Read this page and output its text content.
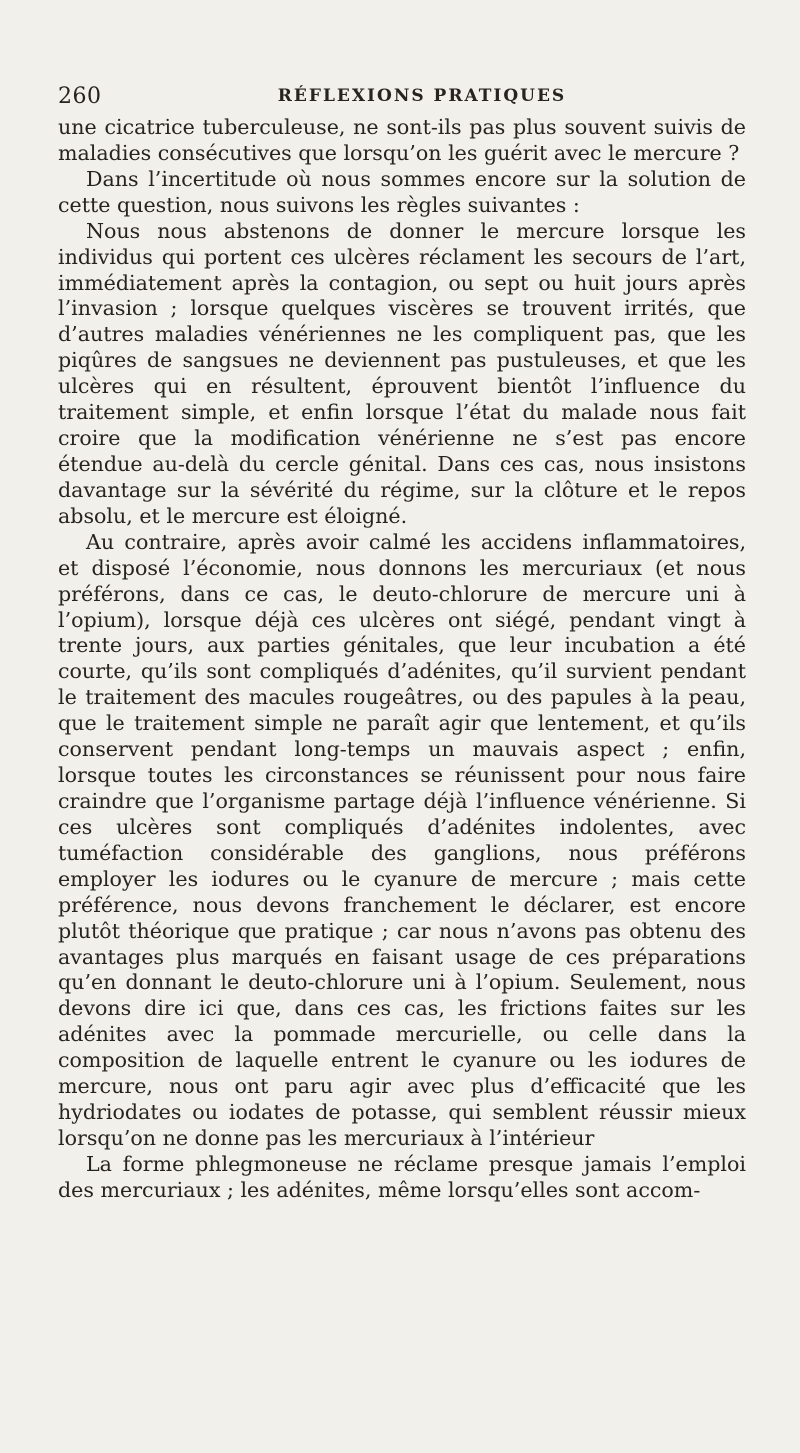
260	RÉFLEXIONS PRATIQUES

une cicatrice tuberculeuse, ne sont-ils pas plus souvent suivis de maladies consécutives que lorsqu’on les guérit avec le mercure ?

Dans l’incertitude où nous sommes encore sur la solution de cette question, nous suivons les règles suivantes :

Nous nous abstenons de donner le mercure lorsque les individus qui portent ces ulcères réclament les secours de l’art, immédiatement après la contagion, ou sept ou huit jours après l’invasion ; lorsque quelques viscères se trouvent irrités, que d’autres maladies vénériennes ne les compliquent pas, que les piqûres de sangsues ne deviennent pas pustuleuses, et que les ulcères qui en résultent, éprouvent bientôt l’influence du traitement simple, et enfin lorsque l’état du malade nous fait croire que la modification vénérienne ne s’est pas encore étendue au-delà du cercle génital. Dans ces cas, nous insistons davantage sur la sévérité du régime, sur la clôture et le repos absolu, et le mercure est éloigné.

Au contraire, après avoir calmé les accidens inflammatoires, et disposé l’économie, nous donnons les mercuriaux (et nous préférons, dans ce cas, le deuto-chlorure de mercure uni à l’opium), lorsque déjà ces ulcères ont siégé, pendant vingt à trente jours, aux parties génitales, que leur incubation a été courte, qu’ils sont compliqués d’adénites, qu’il survient pendant le traitement des macules rougeâtres, ou des papules à la peau, que le traitement simple ne paraît agir que lentement, et qu’ils conservent pendant long-temps un mauvais aspect ; enfin, lorsque toutes les circonstances se réunissent pour nous faire craindre que l’organisme partage déjà l’influence vénérienne. Si ces ulcères sont compliqués d’adénites indolentes, avec tuméfaction considérable des ganglions, nous préférons employer les iodures ou le cyanure de mercure ; mais cette préférence, nous devons franchement le déclarer, est encore plutôt théorique que pratique ; car nous n’avons pas obtenu des avantages plus marqués en faisant usage de ces préparations qu’en donnant le deuto-chlorure uni à l’opium. Seulement, nous devons dire ici que, dans ces cas, les frictions faites sur les adénites avec la pommade mercurielle, ou celle dans la composition de laquelle entrent le cyanure ou les iodures de mercure, nous ont paru agir avec plus d’efficacité que les hydriodates ou iodates de potasse, qui semblent réussir mieux lorsqu’on ne donne pas les mercuriaux à l’intérieur

La forme phlegmoneuse ne réclame presque jamais l’emploi des mercuriaux ; les adénites, même lorsqu’elles sont accom-
